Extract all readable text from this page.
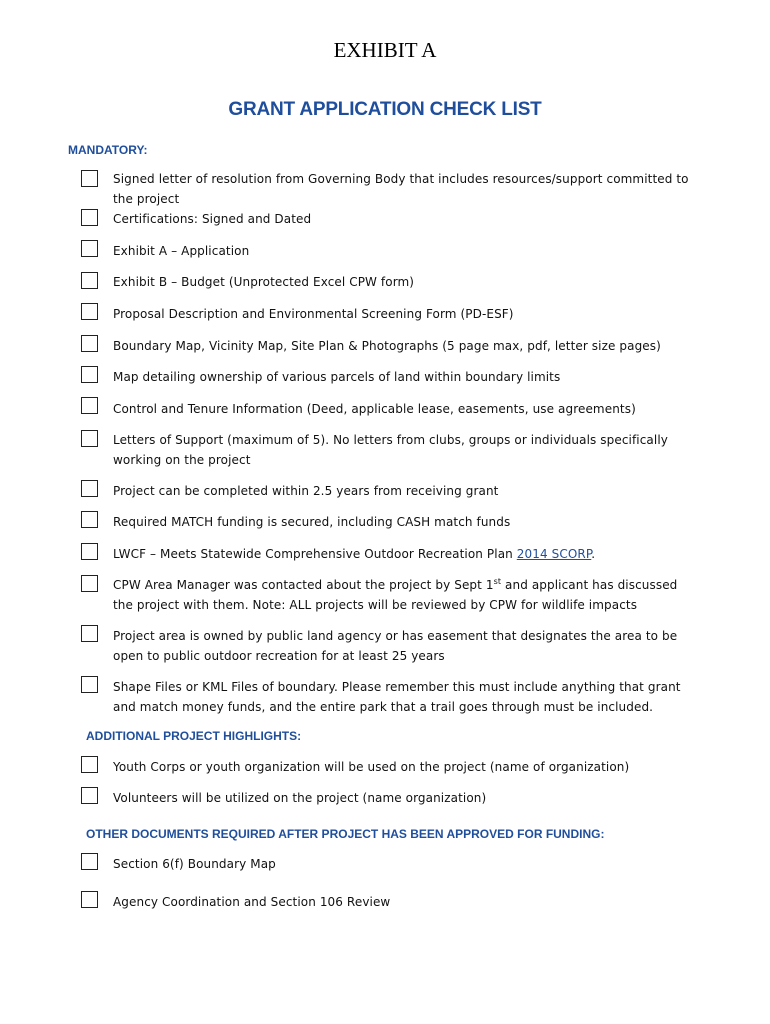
EXHIBIT A
GRANT APPLICATION CHECK LIST
MANDATORY:
Signed letter of resolution from Governing Body that includes resources/support committed to
the project
Certifications: Signed and Dated
Exhibit A – Application
Exhibit B – Budget (Unprotected Excel CPW form)
Proposal Description and Environmental Screening Form (PD-ESF)
Boundary Map, Vicinity Map, Site Plan & Photographs (5 page max, pdf, letter size pages)
Map detailing ownership of various parcels of land within boundary limits
Control and Tenure Information (Deed, applicable lease, easements, use agreements)
Letters of Support (maximum of 5). No letters from clubs, groups or individuals specifically
working on the project
Project can be completed within 2.5 years from receiving grant
Required MATCH funding is secured, including CASH match funds
LWCF – Meets Statewide Comprehensive Outdoor Recreation Plan 2014 SCORP.
CPW Area Manager was contacted about the project by Sept 1st and applicant has discussed
the project with them. Note: ALL projects will be reviewed by CPW for wildlife impacts
Project area is owned by public land agency or has easement that designates the area to be
open to public outdoor recreation for at least 25 years
Shape Files or KML Files of boundary. Please remember this must include anything that grant
and match money funds, and the entire park that a trail goes through must be included.
ADDITIONAL PROJECT HIGHLIGHTS:
Youth Corps or youth organization will be used on the project (name of organization)
Volunteers will be utilized on the project (name organization)
OTHER DOCUMENTS REQUIRED AFTER PROJECT HAS BEEN APPROVED FOR FUNDING:
Section 6(f) Boundary Map
Agency Coordination and Section 106 Review
